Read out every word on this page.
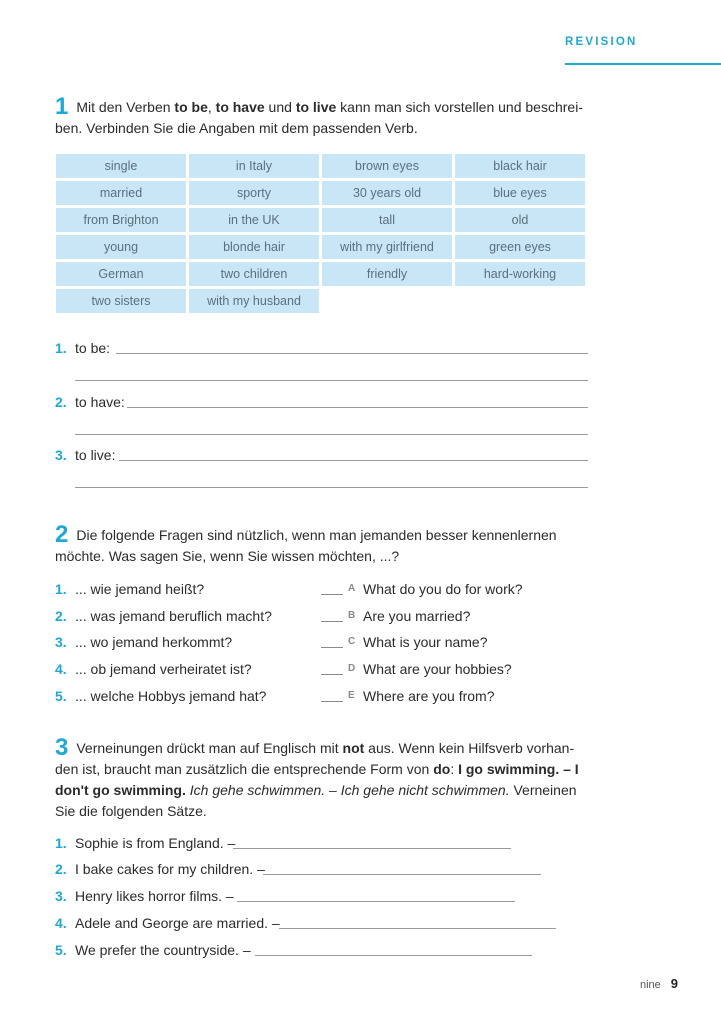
REVISION
1 Mit den Verben to be, to have und to live kann man sich vorstellen und beschrei-ben. Verbinden Sie die Angaben mit dem passenden Verb.
single	in Italy	brown eyes	black hair
married	sporty	30 years old	blue eyes
from Brighton	in the UK	tall	old
young	blonde hair	with my girlfriend	green eyes
German	two children	friendly	hard-working
two sisters	with my husband
1. to be:
2. to have:
3. to live:
2 Die folgende Fragen sind nützlich, wenn man jemanden besser kennenlernen möchte. Was sagen Sie, wenn Sie wissen möchten, ...?
1. ... wie jemand heißt?	A What do you do for work?
2. ... was jemand beruflich macht?	B Are you married?
3. ... wo jemand herkommt?	C What is your name?
4. ... ob jemand verheiratet ist?	D What are your hobbies?
5. ... welche Hobbys jemand hat?	E Where are you from?
3 Verneinungen drückt man auf Englisch mit not aus. Wenn kein Hilfsverb vorhan-den ist, braucht man zusätzlich die entsprechende Form von do: I go swimming. – I don't go swimming. Ich gehe schwimmen. – Ich gehe nicht schwimmen. Verneinen Sie die folgenden Sätze.
1. Sophie is from England. –
2. I bake cakes for my children. –
3. Henry likes horror films. –
4. Adele and George are married. –
5. We prefer the countryside. –
nine 9
